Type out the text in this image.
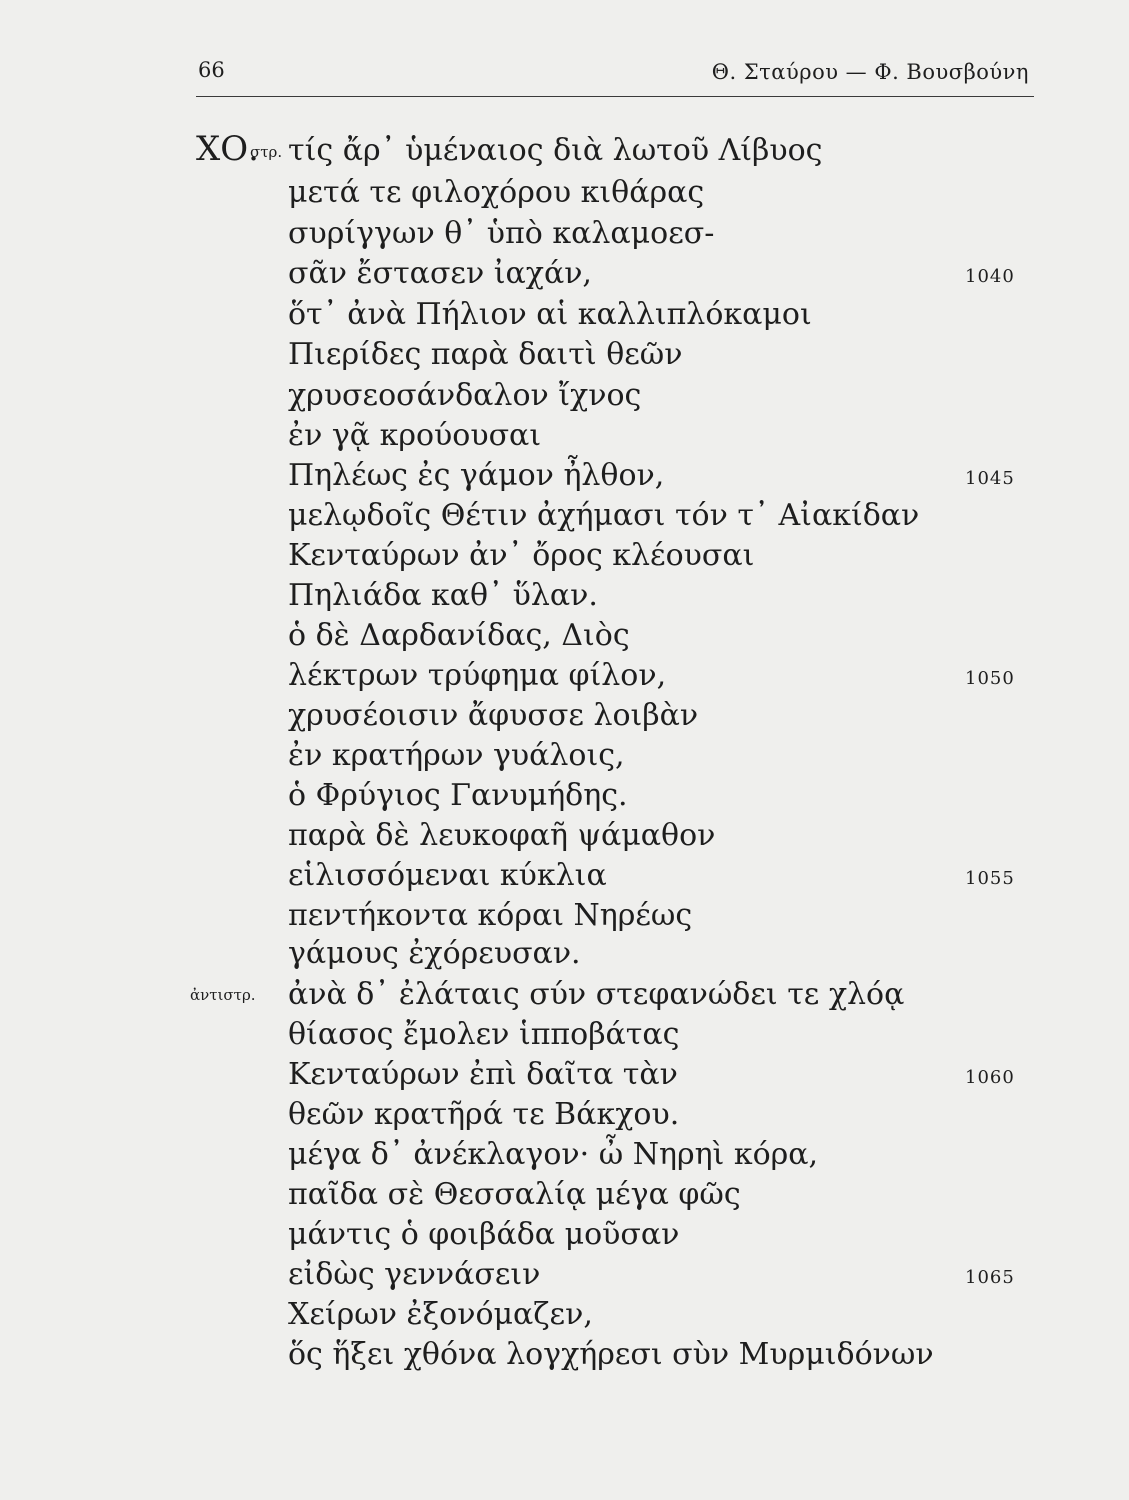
66	Θ. Σταύρου — Φ. Βουσβούνη
ΧΟ.
στρ. τίς ἄρ᾽ ὑμέναιος διὰ λωτοῦ Λίβυος
μετά τε φιλοχόρου κιθάρας
συρίγγων θ᾽ ὑπὸ καλαμοεσ-
σᾶν ἔστασεν ἰαχάν,
ὅτ᾽ ἀνὰ Πήλιον αἱ καλλιπλόκαμοι
Πιερίδες παρὰ δαιτὶ θεῶν
χρυσεοσάνδαλον ἴχνος
ἐν γᾷ κρούουσαι
Πηλέως ἐς γάμον ἦλθον,
μελῳδοῖς Θέτιν ἀχήμασι τόν τ᾽ Αἰακίδαν
Κενταύρων ἀν᾽ ὄρος κλέουσαι
Πηλιάδα καθ᾽ ὕλαν.
ὁ δὲ Δαρδανίδας, Διὸς
λέκτρων τρύφημα φίλον,
χρυσέοισιν ἄφυσσε λοιβὰν
ἐν κρατήρων γυάλοις,
ὁ Φρύγιος Γανυμήδης.
παρὰ δὲ λευκοφαῆ ψάμαθον
εἱλισσόμεναι κύκλια
πεντήκοντα κόραι Νηρέως
γάμους ἐχόρευσαν.
ἀντιστρ. ἀνὰ δ᾽ ἐλάταις σύν στεφανώδει τε χλόᾳ
θίασος ἔμολεν ἱπποβάτας
Κενταύρων ἐπὶ δαῖτα τὰν
θεῶν κρατῆρά τε Βάκχου.
μέγα δ᾽ ἀνέκλαγον· ὦ Νηρηὶ κόρα,
παῖδα σὲ Θεσσαλίᾳ μέγα φῶς
μάντις ὁ φοιβάδα μοῦσαν
εἰδὼς γεννάσειν
Χείρων ἐξονόμαζεν,
ὅς ἥξει χθόνα λογχήρεσι σὺν Μυρμιδόνων
1040
1045
1050
1055
1060
1065
